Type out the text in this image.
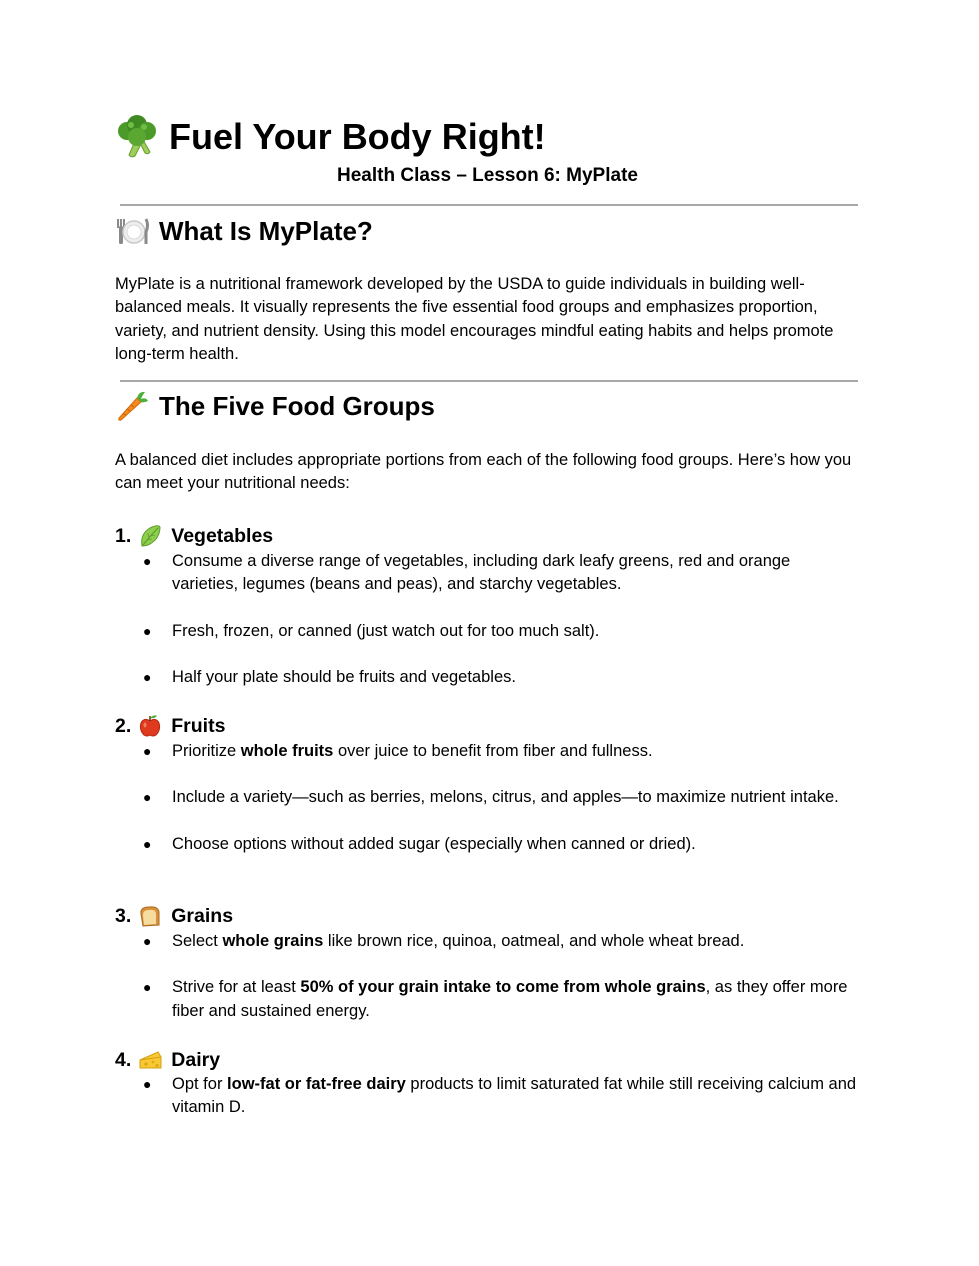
Fuel Your Body Right!

Health Class – Lesson 6: MyPlate

What Is MyPlate?

MyPlate is a nutritional framework developed by the USDA to guide individuals in building well-balanced meals. It visually represents the five essential food groups and emphasizes proportion, variety, and nutrient density. Using this model encourages mindful eating habits and helps promote long-term health.

The Five Food Groups

A balanced diet includes appropriate portions from each of the following food groups. Here’s how you can meet your nutritional needs:

1. Vegetables
● Consume a diverse range of vegetables, including dark leafy greens, red and orange varieties, legumes (beans and peas), and starchy vegetables.
● Fresh, frozen, or canned (just watch out for too much salt).
● Half your plate should be fruits and vegetables.
2. Fruits
● Prioritize whole fruits over juice to benefit from fiber and fullness.
● Include a variety—such as berries, melons, citrus, and apples—to maximize nutrient intake.
● Choose options without added sugar (especially when canned or dried).
3. Grains
● Select whole grains like brown rice, quinoa, oatmeal, and whole wheat bread.
● Strive for at least 50% of your grain intake to come from whole grains, as they offer more fiber and sustained energy.
4. Dairy
● Opt for low-fat or fat-free dairy products to limit saturated fat while still receiving calcium and vitamin D.
